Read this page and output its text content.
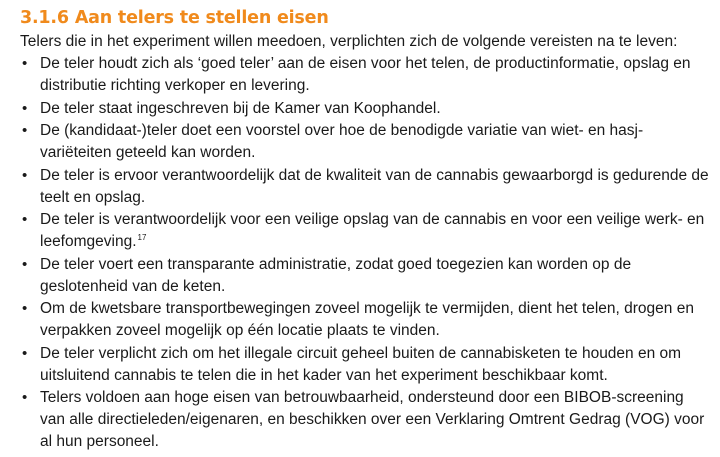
3.1.6 Aan telers te stellen eisen

Telers die in het experiment willen meedoen, verplichten zich de volgende vereisten na te leven:

• De teler houdt zich als ‘goed teler’ aan de eisen voor het telen, de productinformatie, opslag en distributie richting verkoper en levering.
• De teler staat ingeschreven bij de Kamer van Koophandel.
• De (kandidaat-)teler doet een voorstel over hoe de benodigde variatie van wiet- en hasj-variëteiten geteeld kan worden.
• De teler is ervoor verantwoordelijk dat de kwaliteit van de cannabis gewaarborgd is gedurende de teelt en opslag.
• De teler is verantwoordelijk voor een veilige opslag van de cannabis en voor een veilige werk- en leefomgeving.$^{17}$
• De teler voert een transparante administratie, zodat goed toegezien kan worden op de geslotenheid van de keten.
• Om de kwetsbare transportbewegingen zoveel mogelijk te vermijden, dient het telen, drogen en verpakken zoveel mogelijk op één locatie plaats te vinden.
• De teler verplicht zich om het illegale circuit geheel buiten de cannabisketen te houden en om uitsluitend cannabis te telen die in het kader van het experiment beschikbaar komt.
• Telers voldoen aan hoge eisen van betrouwbaarheid, ondersteund door een BIBOB-screening van alle directieleden/eigenaren, en beschikken over een Verklaring Omtrent Gedrag (VOG) voor al hun personeel.
